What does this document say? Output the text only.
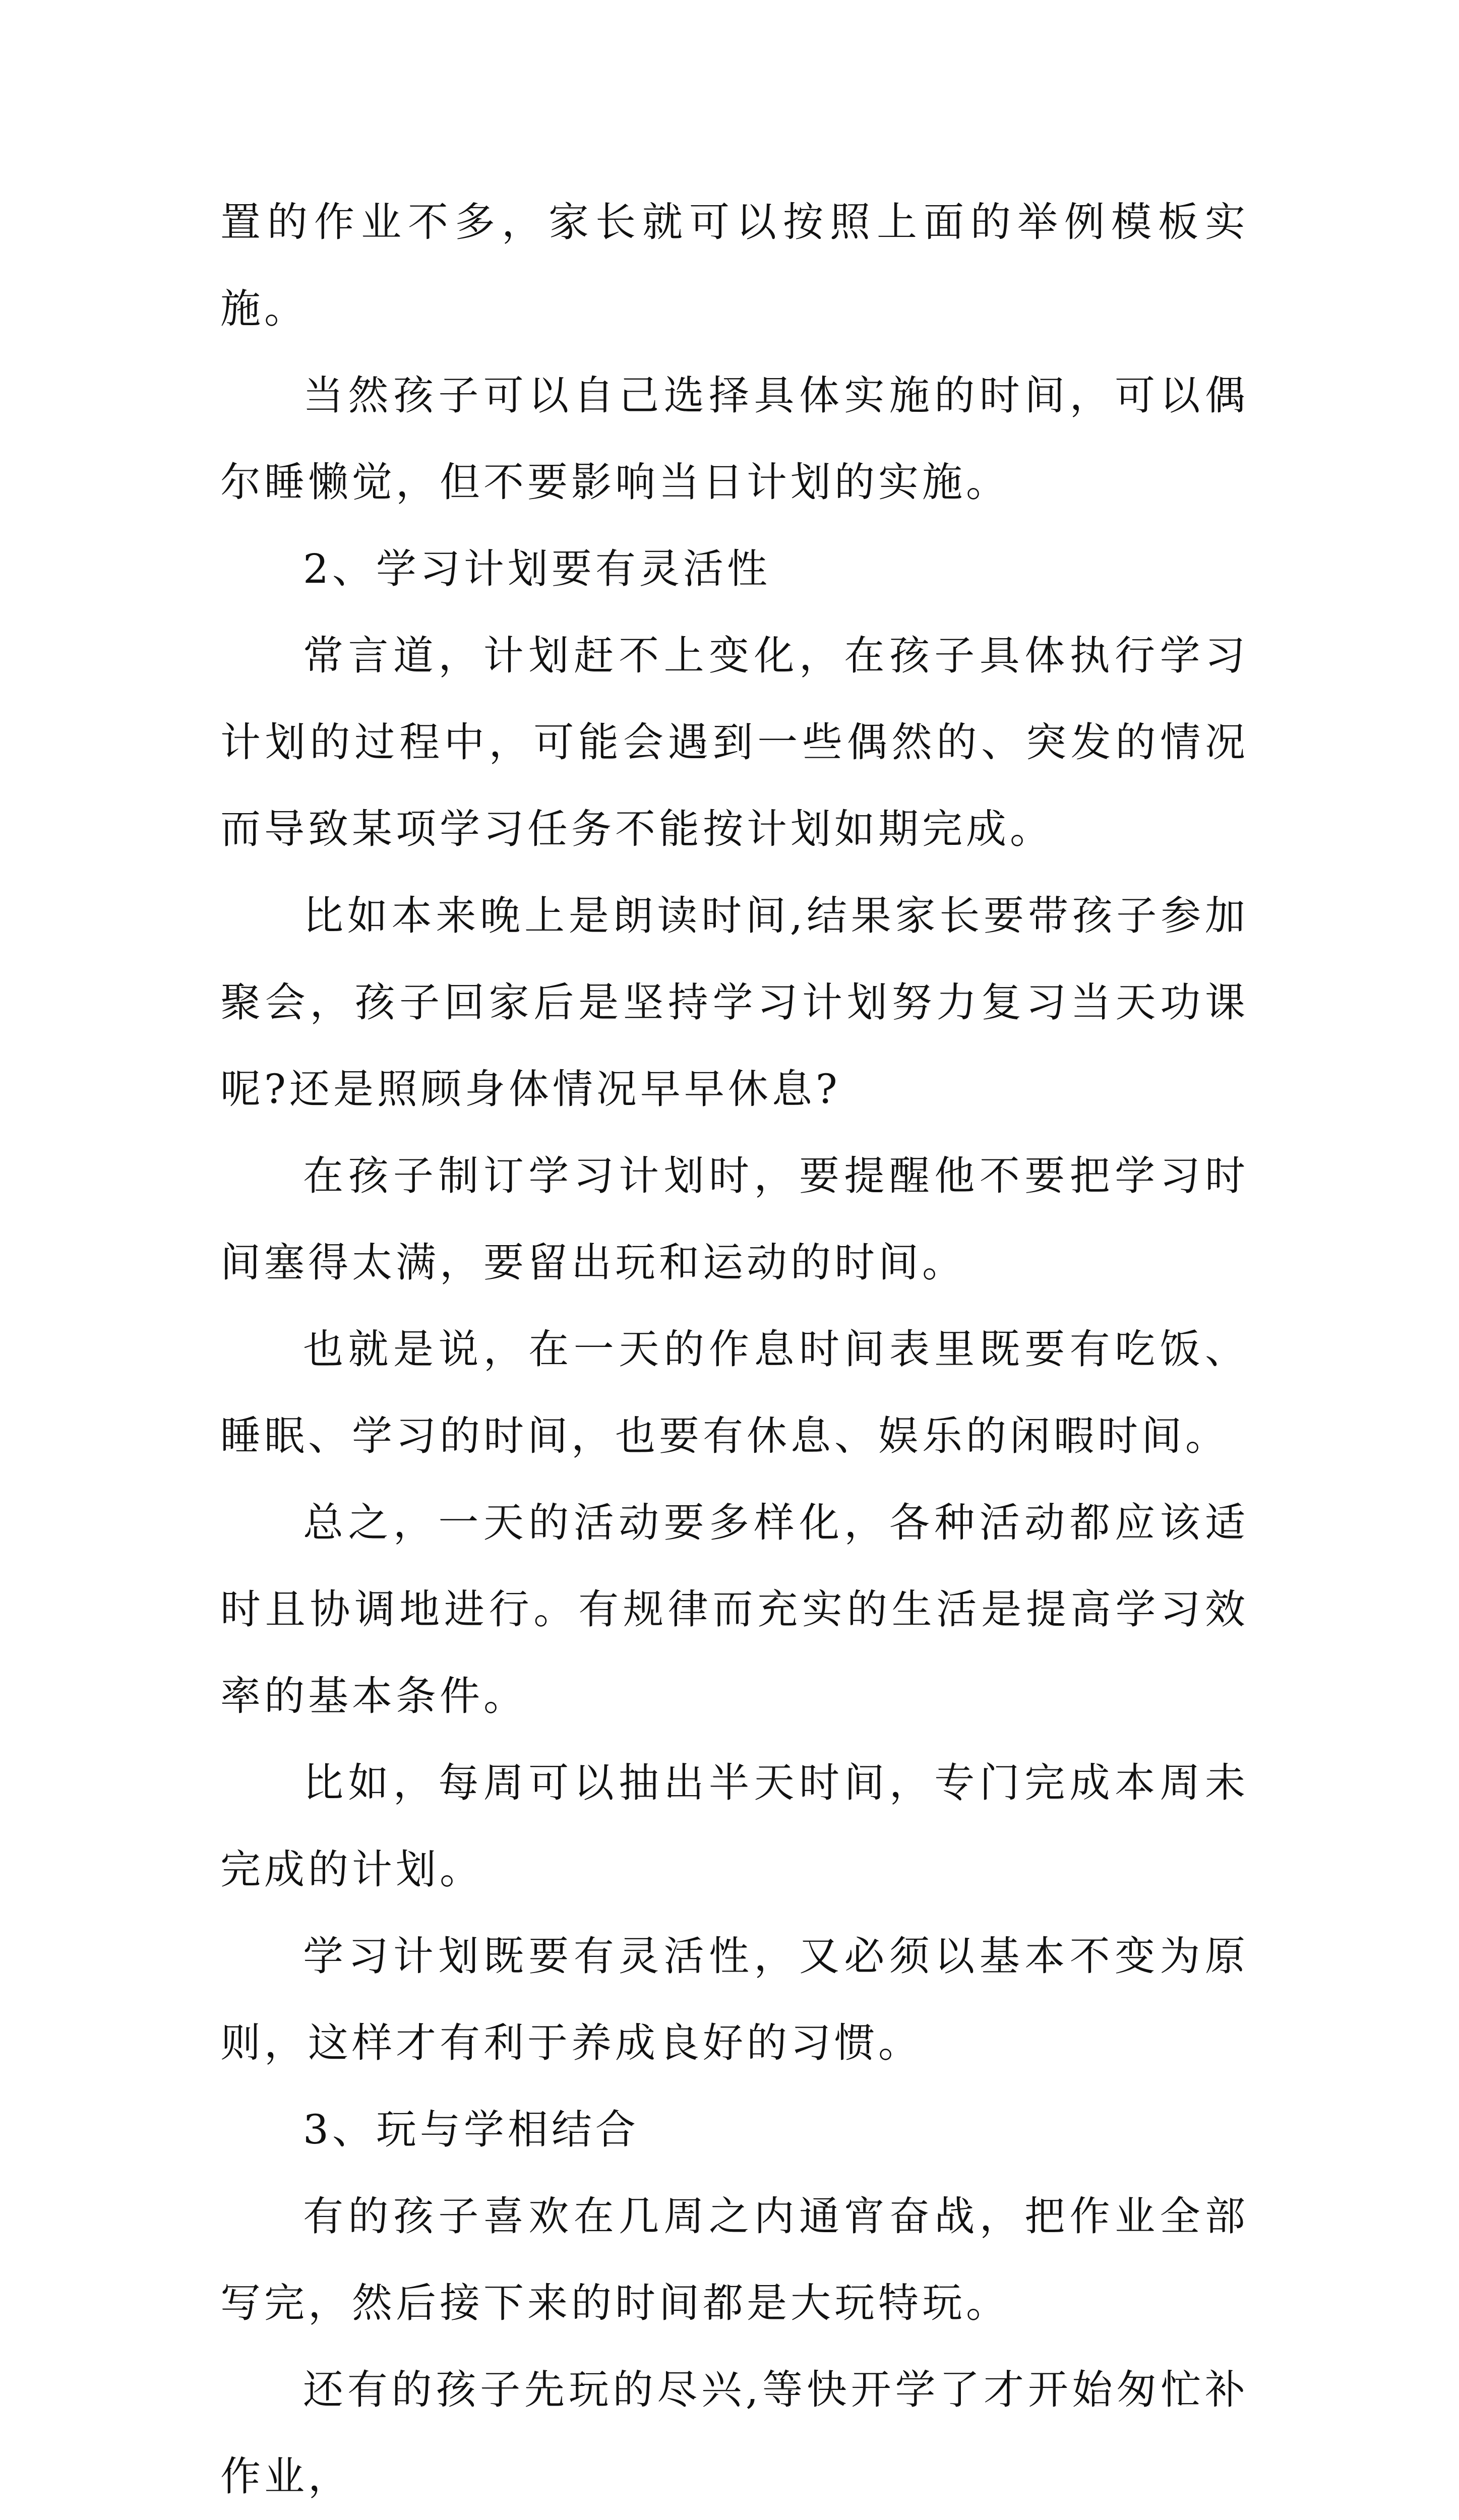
置的作业不多，家长就可以按照上面的举例模板实施。

当然孩子可以自己选择具体实施的时间，可以偶尔睡懒觉，但不要影响当日计划的实施。

2、学习计划要有灵活性

常言道，计划赶不上变化，在孩子具体执行学习计划的过程中，可能会遇到一些偶然的、突发的情况而导致某项学习任务不能按计划如期完成。

比如本来晚上是朗读时间,结果家长要带孩子参加聚会，孩子回家后是坚持学习计划努力复习当天功课呢?还是照顾身体情况早早休息?

在孩子制订学习计划时，要提醒他不要把学习时间塞得太满，要留出玩和运动的时间。

也就是说，在一天的作息时间表里既要有吃饭、睡眠、学习的时间，也要有休息、娱乐的闲暇时间。

总之，一天的活动要多样化，各种活动都应该适时且协调地进行。有规律而充实的生活是提高学习效率的基本条件。

比如，每周可以抽出半天时间，专门完成本周未完成的计划。

学习计划既要有灵活性，又必须以基本不变为原则，这样才有利于养成良好的习惯。

3、玩与学相结合

有的孩子喜欢在几周之内通宵奋战，把作业全部写完，然后接下来的时间都是大玩特玩。

还有的孩子先玩的尽兴,等快开学了才开始匆忙补作业，
